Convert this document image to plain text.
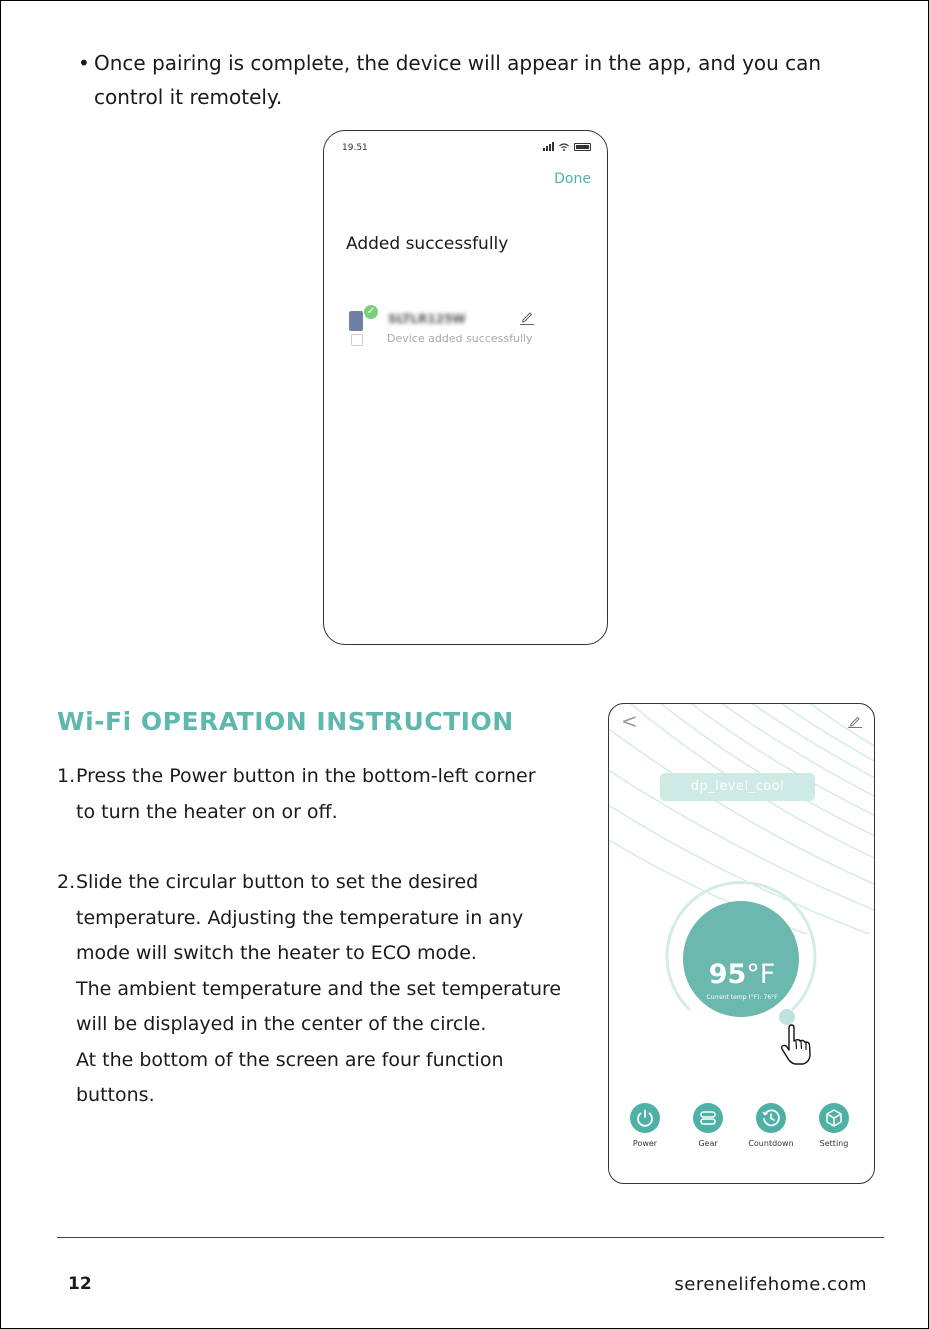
• Once pairing is complete, the device will appear in the app, and you can
control it remotely.
19.51
Done
Added successfully
✓
SLTLR125W
Device added successfully
Wi-Fi OPERATION INSTRUCTION
1. Press the Power button in the bottom-left corner
to turn the heater on or off.
2. Slide the circular button to set the desired
temperature. Adjusting the temperature in any
mode will switch the heater to ECO mode.
The ambient temperature and the set temperature
will be displayed in the center of the circle.
At the bottom of the screen are four function
buttons.
<
dp_level_cool
95°F
Current temp (°F): 76°F
Power	Gear	Countdown	Setting
12	serenelifehome.com
